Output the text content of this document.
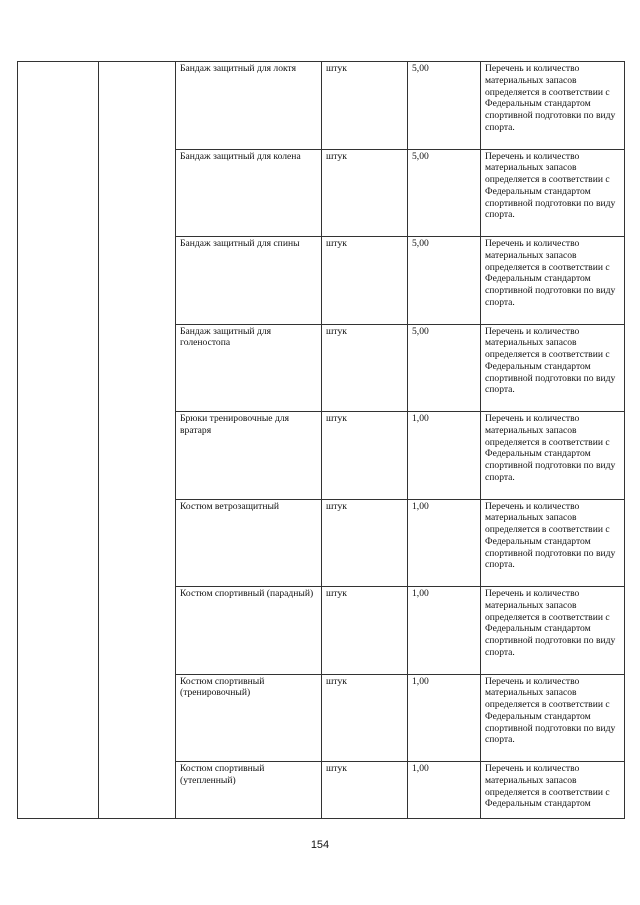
		Бандаж защитный для локтя	штук	5,00	Перечень и количество материальных запасов определяется в соответствии с Федеральным стандартом спортивной подготовки по виду спорта.
		Бандаж защитный для колена	штук	5,00	Перечень и количество материальных запасов определяется в соответствии с Федеральным стандартом спортивной подготовки по виду спорта.
		Бандаж защитный для спины	штук	5,00	Перечень и количество материальных запасов определяется в соответствии с Федеральным стандартом спортивной подготовки по виду спорта.
		Бандаж защитный для голеностопа	штук	5,00	Перечень и количество материальных запасов определяется в соответствии с Федеральным стандартом спортивной подготовки по виду спорта.
		Брюки тренировочные для вратаря	штук	1,00	Перечень и количество материальных запасов определяется в соответствии с Федеральным стандартом спортивной подготовки по виду спорта.
		Костюм ветрозащитный	штук	1,00	Перечень и количество материальных запасов определяется в соответствии с Федеральным стандартом спортивной подготовки по виду спорта.
		Костюм спортивный (парадный)	штук	1,00	Перечень и количество материальных запасов определяется в соответствии с Федеральным стандартом спортивной подготовки по виду спорта.
		Костюм спортивный (тренировочный)	штук	1,00	Перечень и количество материальных запасов определяется в соответствии с Федеральным стандартом спортивной подготовки по виду спорта.
		Костюм спортивный (утепленный)	штук	1,00	Перечень и количество материальных запасов определяется в соответствии с Федеральным стандартом
154
